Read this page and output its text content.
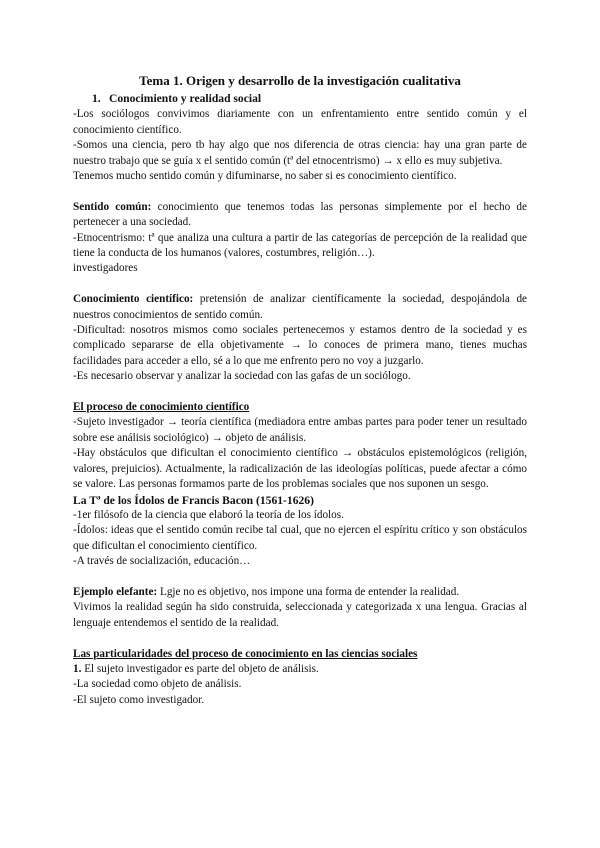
Tema 1. Origen y desarrollo de la investigación cualitativa
1. Conocimiento y realidad social

-Los sociólogos convivimos diariamente con un enfrentamiento entre sentido común y el conocimiento científico.

-Somos una ciencia, pero tb hay algo que nos diferencia de otras ciencia: hay una gran parte de nuestro trabajo que se guía x el sentido común (tª del etnocentrismo) → x ello es muy subjetiva.

Tenemos mucho sentido común y difuminarse, no saber si es conocimiento científico.

Sentido común: conocimiento que tenemos todas las personas simplemente por el hecho de pertenecer a una sociedad.

-Etnocentrismo: tª que analiza una cultura a partir de las categorías de percepción de la realidad que tiene la conducta de los humanos (valores, costumbres, religión…).

investigadores

Conocimiento científico: pretensión de analizar científicamente la sociedad, despojándola de nuestros conocimientos de sentido común.

-Dificultad: nosotros mismos como sociales pertenecemos y estamos dentro de la sociedad y es complicado separarse de ella objetivamente → lo conoces de primera mano, tienes muchas facilidades para acceder a ello, sé a lo que me enfrento pero no voy a juzgarlo.

-Es necesario observar y analizar la sociedad con las gafas de un sociólogo.

El proceso de conocimiento científico

-Sujeto investigador → teoría científica (mediadora entre ambas partes para poder tener un resultado sobre ese análisis sociológico) → objeto de análisis.

-Hay obstáculos que dificultan el conocimiento científico → obstáculos epistemológicos (religión, valores, prejuicios). Actualmente, la radicalización de las ideologías políticas, puede afectar a cómo se valore. Las personas formamos parte de los problemas sociales que nos suponen un sesgo.

La Tª de los Ídolos de Francis Bacon (1561-1626)

-1er filósofo de la ciencia que elaboró la teoría de los ídolos.

-Ídolos: ideas que el sentido común recibe tal cual, que no ejercen el espíritu crítico y son obstáculos que dificultan el conocimiento científico.

-A través de socialización, educación…

Ejemplo elefante: Lgje no es objetivo, nos impone una forma de entender la realidad.

Vivimos la realidad según ha sido construida, seleccionada y categorizada x una lengua. Gracias al lenguaje entendemos el sentido de la realidad.

Las particularidades del proceso de conocimiento en las ciencias sociales

1. El sujeto investigador es parte del objeto de análisis.

-La sociedad como objeto de análisis.

-El sujeto como investigador.
